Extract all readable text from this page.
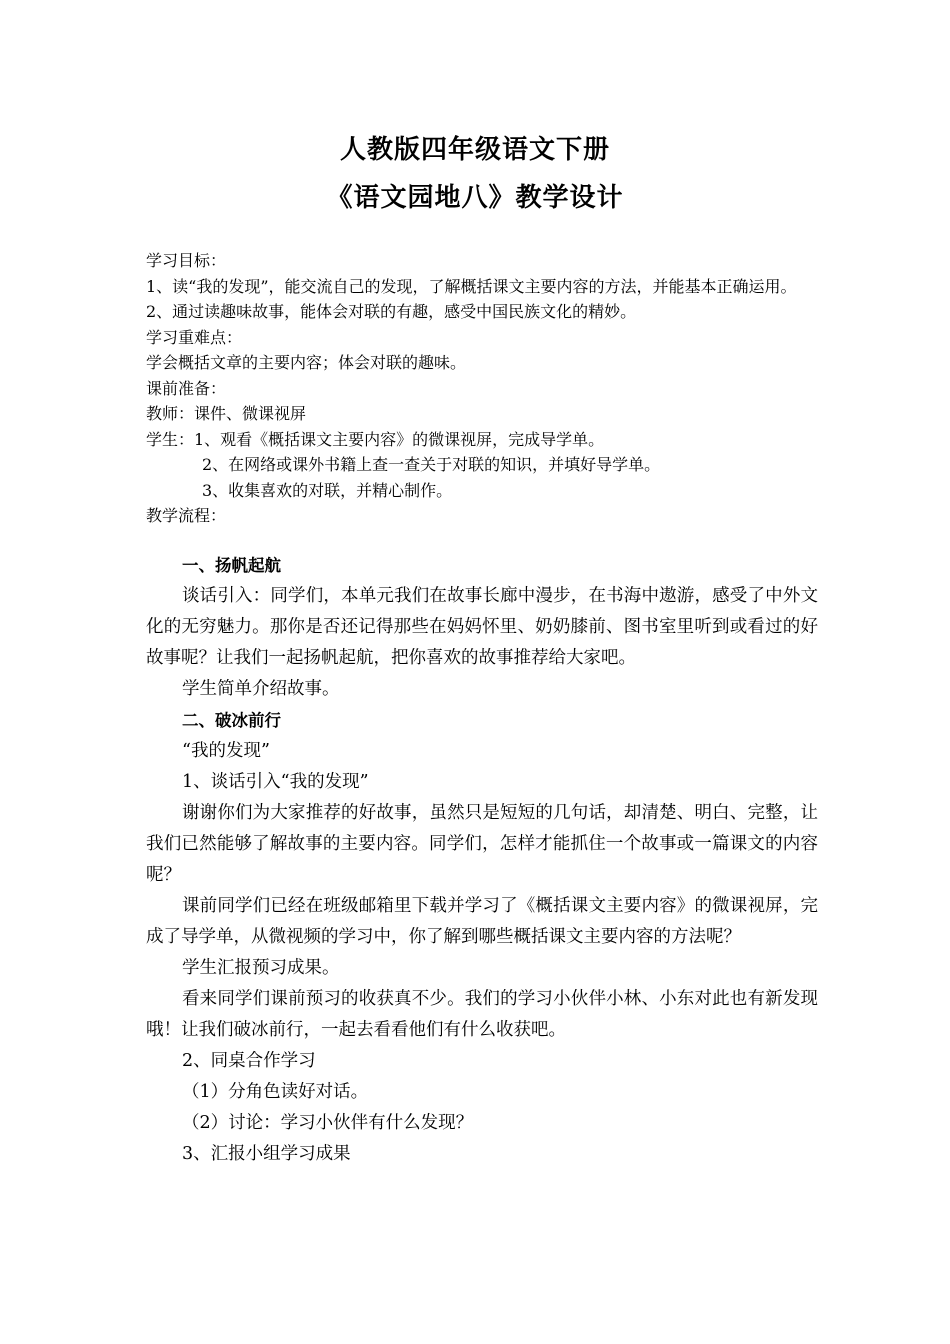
人教版四年级语文下册
《语文园地八》教学设计

学习目标：

1、读“我的发现”，能交流自己的发现，了解概括课文主要内容的方法，并能基本正确运用。

2、通过读趣味故事，能体会对联的有趣，感受中国民族文化的精妙。

学习重难点：

学会概括文章的主要内容；体会对联的趣味。

课前准备：

教师：课件、微课视屏

学生：1、观看《概括课文主要内容》的微课视屏，完成导学单。

2、在网络或课外书籍上查一查关于对联的知识，并填好导学单。

3、收集喜欢的对联，并精心制作。

教学流程：

一、扬帆起航

谈话引入：同学们，本单元我们在故事长廊中漫步，在书海中遨游，感受了中外文化的无穷魅力。那你是否还记得那些在妈妈怀里、奶奶膝前、图书室里听到或看过的好故事呢？让我们一起扬帆起航，把你喜欢的故事推荐给大家吧。

学生简单介绍故事。

二、破冰前行

“我的发现”

1、谈话引入“我的发现”

谢谢你们为大家推荐的好故事，虽然只是短短的几句话，却清楚、明白、完整，让我们已然能够了解故事的主要内容。同学们，怎样才能抓住一个故事或一篇课文的内容呢？

课前同学们已经在班级邮箱里下载并学习了《概括课文主要内容》的微课视屏，完成了导学单，从微视频的学习中，你了解到哪些概括课文主要内容的方法呢？

学生汇报预习成果。

看来同学们课前预习的收获真不少。我们的学习小伙伴小林、小东对此也有新发现哦！让我们破冰前行，一起去看看他们有什么收获吧。

2、同桌合作学习

（1）分角色读好对话。

（2）讨论：学习小伙伴有什么发现？

3、汇报小组学习成果
